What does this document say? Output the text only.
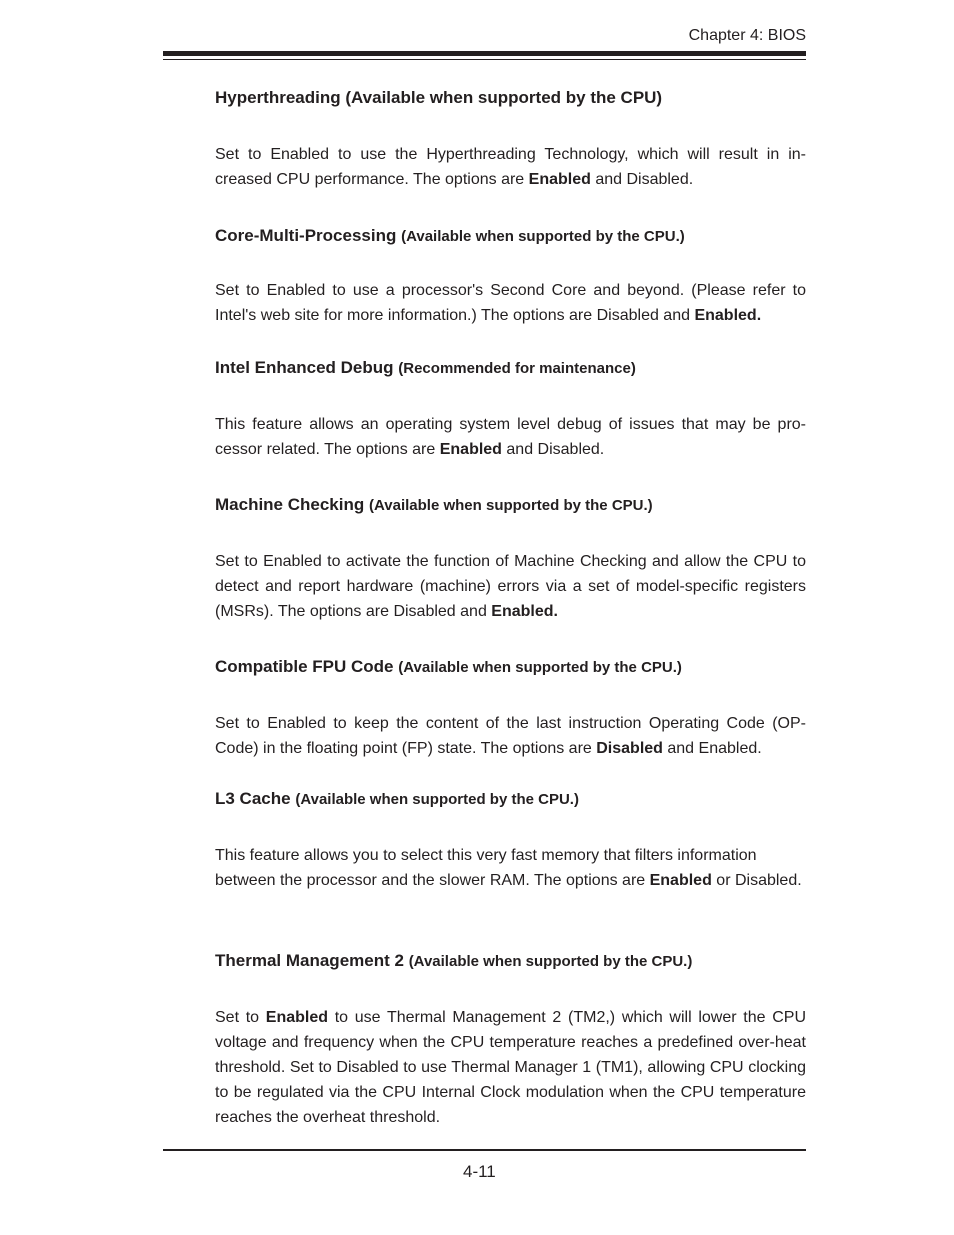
Chapter 4: BIOS

Hyperthreading (Available when supported by the CPU)

Set to Enabled to use the Hyperthreading Technology, which will result in in-creased CPU performance. The options are Enabled and Disabled.

Core-Multi-Processing (Available when supported by the CPU.)

Set to Enabled to use a processor's Second Core and beyond. (Please refer to Intel's web site for more information.) The options are Disabled and Enabled.

Intel Enhanced Debug (Recommended for maintenance)

This feature allows an operating system level debug of issues that may be pro-cessor related. The options are Enabled and Disabled.

Machine Checking (Available when supported by the CPU.)

Set to Enabled to activate the function of Machine Checking and allow the CPU to detect and report hardware (machine) errors via a set of model-specific registers (MSRs). The options are Disabled and Enabled.

Compatible FPU Code (Available when supported by the CPU.)

Set to Enabled to keep the content of the last instruction Operating Code (OP-Code) in the floating point (FP) state. The options are Disabled and Enabled.

L3 Cache (Available when supported by the CPU.)

This feature allows you to select this very fast memory that filters information between the processor and the slower RAM. The options are Enabled or Disabled.

Thermal Management 2 (Available when supported by the CPU.)

Set to Enabled to use Thermal Management 2 (TM2,) which will lower the CPU voltage and frequency when the CPU temperature reaches a predefined over-heat threshold. Set to Disabled to use Thermal Manager 1 (TM1), allowing CPU clocking to be regulated via the CPU Internal Clock modulation when the CPU temperature reaches the overheat threshold.

4-11
